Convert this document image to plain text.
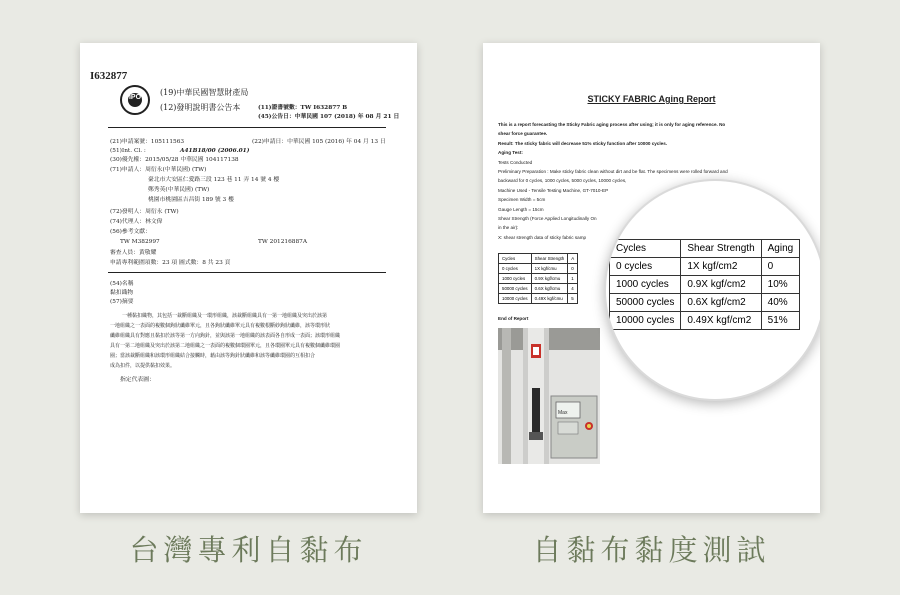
I632877
IPO
(19)中華民國智慧財產局
(12)發明說明書公告本	(11)證書號數：TW I632877 B
(45)公告日：中華民國 107 (2018) 年 08 月 21 日
(21)申請案號：105111563	(22)申請日：中華民國 105 (2016) 年 04 月 13 日
(51)Int. Cl. :	A41B18/00 (2006.01)
(30)優先權：2015/05/28 中華民國 104117138
(71)申請人：周衍永(中華民國) (TW)
臺北市大安區仁愛路三段 123 巷 11 弄 14 號 4 樓
鄭秀英(中華民國) (TW)
桃園市桃園區吉昌街 189 號 3 樓
(72)發明人：周衍永 (TW)
(74)代理人：林文偉
(56)參考文獻：
TW M382997	TW 201216887A
審查人員：黃敬耀
申請專利範圍項數：23 項 圖式數：8 共 23 頁
(54)名稱
黏扣織物
(57)摘要
一種黏扣織物，其包括一裁斷組織及一環形組織，該裁斷組織具有一第一地組織及突出於該第
一地組織之一表面的複數個鉤狀纖維單元，且各鉤狀纖維單元具有複數根斷紗鉤狀纖維，該等環形狀
纖維組織具有對應且黏扣於該等第一方向鉤針，並與該第一地組織的該表面各自形成一表面；該環形組織
具有一第二地組織及突出於該第二地組織之一表面的複數個環圈單元，且各環圈單元具有複數個纖維環圈
圈；當該裁斷組織和該環形組織結合接觸時，藉由該等鉤針狀纖維和該等纖維環圈的互相扣合
成為扣件，以提供黏扣效果。
指定代表圖：
STICKY FABRIC Aging Report
This is a report forecasting the Sticky Fabric aging process after using; it is only for aging reference. No
shear force guarantee.
Result: The sticky fabric will decrease 51% sticky function after 10000 cycles.
Aging Test:
Tests Conducted
Preliminary Preparation : Make sticky fabric clean without dirt and be flat. The specimens were rolled forward and
backward for 0 cycles, 1000 cycles, 5000 cycles, 10000 cycles,
Machine Used - Tensile Testing Machine, GT-7010-EP
Specimen Width = 5cm
Gauge Length = 15cm
Shear Strength (Force Applied Longitudinally On
in the air):
X: shear strength data of sticky fabric samp
Cycles	Shear Strength	A
0 cycles	1X kgf/cmu	0
1000 cycles	0.9X kgf/cmu	1
50000 cycles	0.6X kgf/cmu	4
10000 cycles	0.49X kgf/cmu	5
End of Report
Max
Cycles	Shear Strength	Aging
0 cycles	1X kgf/cm2	0
1000 cycles	0.9X kgf/cm2	10%
50000 cycles	0.6X kgf/cm2	40%
10000 cycles	0.49X kgf/cm2	51%
台灣專利自黏布	自黏布黏度測試
